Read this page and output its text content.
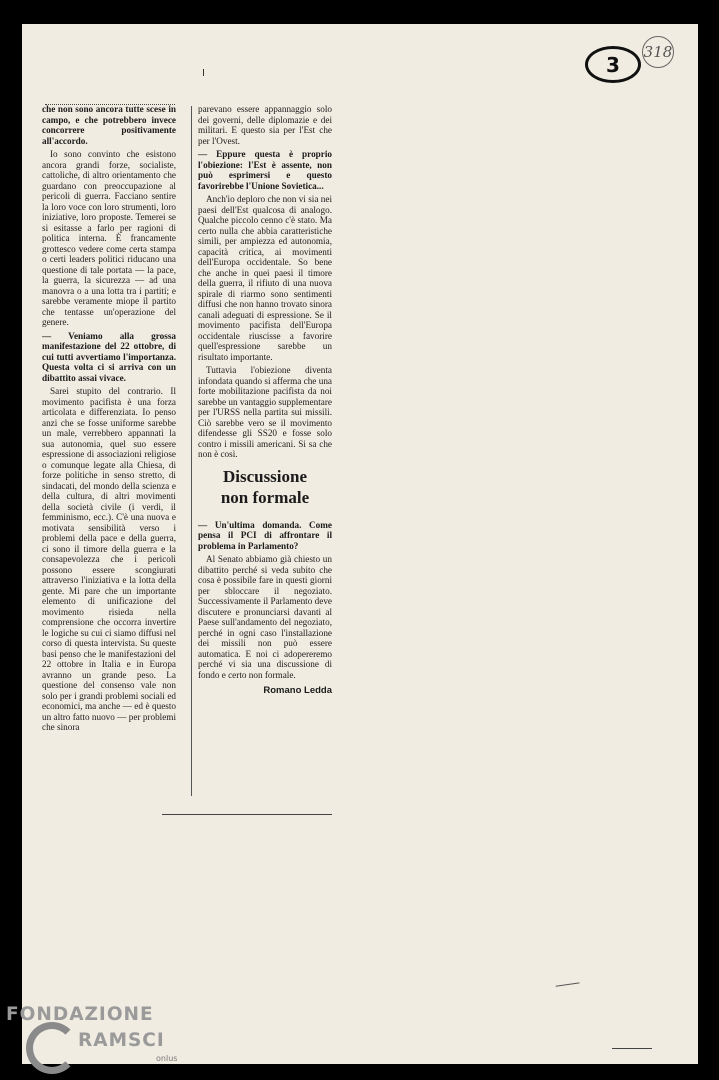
3
318

che non sono ancora tutte scese in campo, e che potrebbero invece concorrere positivamente all'accordo.

Io sono convinto che esistono ancora grandi forze, socialiste, cattoliche, di altro orientamento che guardano con preoccupazione al pericoli di guerra. Facciano sentire la loro voce con loro strumenti, loro iniziative, loro proposte. Temerei se si esitasse a farlo per ragioni di politica interna. È francamente grottesco vedere come certa stampa o certi leaders politici riducano una questione di tale portata — la pace, la guerra, la sicurezza — ad una manovra o a una lotta tra i partiti; e sarebbe veramente miope il partito che tentasse un'operazione del genere.

— Veniamo alla grossa manifestazione del 22 ottobre, di cui tutti avvertiamo l'importanza. Questa volta ci si arriva con un dibattito assai vivace.

Sarei stupito del contrario. Il movimento pacifista è una forza articolata e differenziata. Io penso anzi che se fosse uniforme sarebbe un male, verrebbero appannati la sua autonomia, quel suo essere espressione di associazioni religiose o comunque legate alla Chiesa, di forze politiche in senso stretto, di sindacati, del mondo della scienza e della cultura, di altri movimenti della società civile (i verdi, il femminismo, ecc.). C'è una nuova e motivata sensibilità verso i problemi della pace e della guerra, ci sono il timore della guerra e la consapevolezza che i pericoli possono essere scongiurati attraverso l'iniziativa e la lotta della gente. Mi pare che un importante elemento di unificazione del movimento risieda nella comprensione che occorra invertire le logiche su cui ci siamo diffusi nel corso di questa intervista. Su queste basi penso che le manifestazioni del 22 ottobre in Italia e in Europa avranno un grande peso. La questione del consenso vale non solo per i grandi problemi sociali ed economici, ma anche — ed è questo un altro fatto nuovo — per problemi che sinora

parevano essere appannaggio solo dei governi, delle diplomazie e dei militari. E questo sia per l'Est che per l'Ovest.

— Eppure questa è proprio l'obiezione: l'Est è assente, non può esprimersi e questo favorirebbe l'Unione Sovietica...

Anch'io deploro che non vi sia nei paesi dell'Est qualcosa di analogo. Qualche piccolo cenno c'è stato. Ma certo nulla che abbia caratteristiche simili, per ampiezza ed autonomia, capacità critica, ai movimenti dell'Europa occidentale. So bene che anche in quei paesi il timore della guerra, il rifiuto di una nuova spirale di riarmo sono sentimenti diffusi che non hanno trovato sinora canali adeguati di espressione. Se il movimento pacifista dell'Europa occidentale riuscisse a favorire quell'espressione sarebbe un risultato importante.

Tuttavia l'obiezione diventa infondata quando si afferma che una forte mobilitazione pacifista da noi sarebbe un vantaggio supplementare per l'URSS nella partita sui missili. Ciò sarebbe vero se il movimento difendesse gli SS20 e fosse solo contro i missili americani. Si sa che non è così.

Discussione
non formale

— Un'ultima domanda. Come pensa il PCI di affrontare il problema in Parlamento?

Al Senato abbiamo già chiesto un dibattito perché si veda subito che cosa è possibile fare in questi giorni per sbloccare il negoziato. Successivamente il Parlamento deve discutere e pronunciarsi davanti al Paese sull'andamento del negoziato, perché in ogni caso l'installazione dei missili non può essere automatica. E noi ci adopereremo perché vi sia una discussione di fondo e certo non formale.

Romano Ledda
FONDAZIONE
RAMSCI
onlus
